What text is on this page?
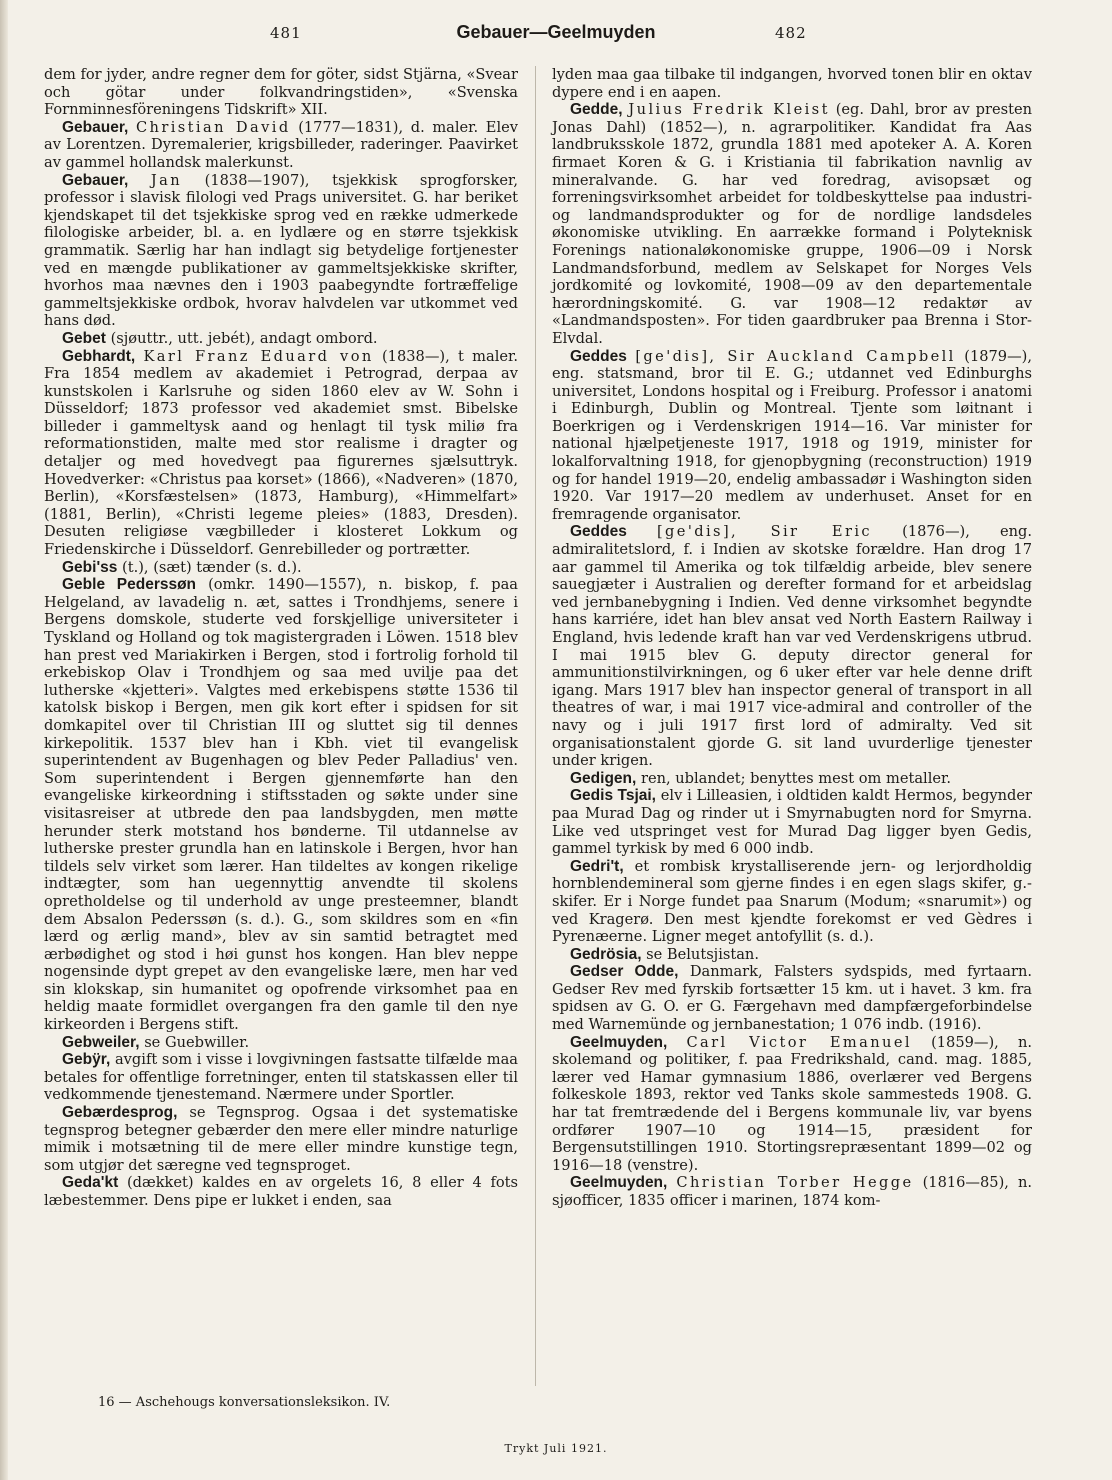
481	Gebauer—Geelmuyden	482

dem for jyder, andre regner dem for göter, sidst Stjärna, «Svear och götar under folkvandringstiden», «Svenska Fornminnesföreningens Tidskrift» XII.

Gebauer, Christian David (1777—1831), d. maler. Elev av Lorentzen. Dyremalerier, krigsbilleder, raderinger. Paavirket av gammel hollandsk malerkunst.

Gebauer, Jan (1838—1907), tsjekkisk sprogforsker, professor i slavisk filologi ved Prags universitet. G. har beriket kjendskapet til det tsjekkiske sprog ved en række udmerkede filologiske arbeider, bl. a. en lydlære og en større tsjekkisk grammatik. Særlig har han indlagt sig betydelige fortjenester ved en mængde publikationer av gammeltsjekkiske skrifter, hvorhos maa nævnes den i 1903 paabegyndte fortræffelige gammeltsjekkiske ordbok, hvorav halvdelen var utkommet ved hans død.

Gebet (sjøuttr., utt. jebét), andagt ombord.

Gebhardt, Karl Franz Eduard von (1838—), t maler. Fra 1854 medlem av akademiet i Petrograd, derpaa av kunstskolen i Karlsruhe og siden 1860 elev av W. Sohn i Düsseldorf; 1873 professor ved akademiet smst. Bibelske billeder i gammeltysk aand og henlagt til tysk miliø fra reformationstiden, malte med stor realisme i dragter og detaljer og med hovedvegt paa figurernes sjælsuttryk. Hovedverker: «Christus paa korset» (1866), «Nadveren» (1870, Berlin), «Korsfæstelsen» (1873, Hamburg), «Himmelfart» (1881, Berlin), «Christi legeme pleies» (1883, Dresden). Desuten religiøse vægbilleder i klosteret Lokkum og Friedenskirche i Düsseldorf. Genrebilleder og portrætter.

Gebi'ss (t.), (sæt) tænder (s. d.).

Geble Pederssøn (omkr. 1490—1557), n. biskop, f. paa Helgeland, av lavadelig n. æt, sattes i Trondhjems, senere i Bergens domskole, studerte ved forskjellige universiteter i Tyskland og Holland og tok magistergraden i Löwen. 1518 blev han prest ved Mariakirken i Bergen, stod i fortrolig forhold til erkebiskop Olav i Trondhjem og saa med uvilje paa det lutherske «kjetteri». Valgtes med erkebispens støtte 1536 til katolsk biskop i Bergen, men gik kort efter i spidsen for sit domkapitel over til Christian III og sluttet sig til dennes kirkepolitik. 1537 blev han i Kbh. viet til evangelisk superintendent av Bugenhagen og blev Peder Palladius' ven. Som superintendent i Bergen gjennemførte han den evangeliske kirkeordning i stiftsstaden og søkte under sine visitasreiser at utbrede den paa landsbygden, men møtte herunder sterk motstand hos bønderne. Til utdannelse av lutherske prester grundla han en latinskole i Bergen, hvor han tildels selv virket som lærer. Han tildeltes av kongen rikelige indtægter, som han uegennyttig anvendte til skolens opretholdelse og til underhold av unge presteemner, blandt dem Absalon Pederssøn (s. d.). G., som skildres som en «fin lærd og ærlig mand», blev av sin samtid betragtet med ærbødighet og stod i høi gunst hos kongen. Han blev neppe nogensinde dypt grepet av den evangeliske lære, men har ved sin klokskap, sin humanitet og opofrende virksomhet paa en heldig maate formidlet overgangen fra den gamle til den nye kirkeorden i Bergens stift.

Gebweiler, se Guebwiller.

Gebÿr, avgift som i visse i lovgivningen fastsatte tilfælde maa betales for offentlige forretninger, enten til statskassen eller til vedkommende tjenestemand. Nærmere under Sportler.

Gebærdesprog, se Tegnsprog. Ogsaa i det systematiske tegnsprog betegner gebærder den mere eller mindre naturlige mimik i motsætning til de mere eller mindre kunstige tegn, som utgjør det særegne ved tegnsproget.

Geda'kt (dækket) kaldes en av orgelets 16, 8 eller 4 fots læbestemmer. Dens pipe er lukket i enden, saa

lyden maa gaa tilbake til indgangen, hvorved tonen blir en oktav dypere end i en aapen.

Gedde, Julius Fredrik Kleist (eg. Dahl, bror av presten Jonas Dahl) (1852—), n. agrarpolitiker. Kandidat fra Aas landbruksskole 1872, grundla 1881 med apoteker A. A. Koren firmaet Koren & G. i Kristiania til fabrikation navnlig av mineralvande. G. har ved foredrag, avisopsæt og forreningsvirksomhet arbeidet for toldbeskyttelse paa industri- og landmandsprodukter og for de nordlige landsdeles økonomiske utvikling. En aarrække formand i Polyteknisk Forenings nationaløkonomiske gruppe, 1906—09 i Norsk Landmandsforbund, medlem av Selskapet for Norges Vels jordkomité og lovkomité, 1908—09 av den departementale hærordningskomité. G. var 1908—12 redaktør av «Landmandsposten». For tiden gaardbruker paa Brenna i Stor-Elvdal.

Geddes [ge'dis], Sir Auckland Campbell (1879—), eng. statsmand, bror til E. G.; utdannet ved Edinburghs universitet, Londons hospital og i Freiburg. Professor i anatomi i Edinburgh, Dublin og Montreal. Tjente som løitnant i Boerkrigen og i Verdenskrigen 1914—16. Var minister for national hjælpetjeneste 1917, 1918 og 1919, minister for lokalforvaltning 1918, for gjenopbygning (reconstruction) 1919 og for handel 1919—20, endelig ambassadør i Washington siden 1920. Var 1917—20 medlem av underhuset. Anset for en fremragende organisator.

Geddes [ge'dis], Sir Eric (1876—), eng. admiralitetslord, f. i Indien av skotske forældre. Han drog 17 aar gammel til Amerika og tok tilfældig arbeide, blev senere sauegjæter i Australien og derefter formand for et arbeidslag ved jernbanebygning i Indien. Ved denne virksomhet begyndte hans karriére, idet han blev ansat ved North Eastern Railway i England, hvis ledende kraft han var ved Verdenskrigens utbrud. I mai 1915 blev G. deputy director general for ammunitionstilvirkningen, og 6 uker efter var hele denne drift igang. Mars 1917 blev han inspector general of transport in all theatres of war, i mai 1917 vice-admiral and controller of the navy og i juli 1917 first lord of admiralty. Ved sit organisationstalent gjorde G. sit land uvurderlige tjenester under krigen.

Gedigen, ren, ublandet; benyttes mest om metaller.

Gedis Tsjai, elv i Lilleasien, i oldtiden kaldt Hermos, begynder paa Murad Dag og rinder ut i Smyrnabugten nord for Smyrna. Like ved utspringet vest for Murad Dag ligger byen Gedis, gammel tyrkisk by med 6 000 indb.

Gedri't, et rombisk krystalliserende jern- og lerjordholdig hornblendemineral som gjerne findes i en egen slags skifer, g.-skifer. Er i Norge fundet paa Snarum (Modum; «snarumit») og ved Kragerø. Den mest kjendte forekomst er ved Gèdres i Pyrenæerne. Ligner meget antofyllit (s. d.).

Gedrösia, se Belutsjistan.

Gedser Odde, Danmark, Falsters sydspids, med fyrtaarn. Gedser Rev med fyrskib fortsætter 15 km. ut i havet. 3 km. fra spidsen av G. O. er G. Færgehavn med dampfærgeforbindelse med Warnemünde og jernbanestation; 1 076 indb. (1916).

Geelmuyden, Carl Victor Emanuel (1859—), n. skolemand og politiker, f. paa Fredrikshald, cand. mag. 1885, lærer ved Hamar gymnasium 1886, overlærer ved Bergens folkeskole 1893, rektor ved Tanks skole sammesteds 1908. G. har tat fremtrædende del i Bergens kommunale liv, var byens ordfører 1907—10 og 1914—15, præsident for Bergensutstillingen 1910. Stortingsrepræsentant 1899—02 og 1916—18 (venstre).

Geelmuyden, Christian Torber Hegge (1816—85), n. sjøofficer, 1835 officer i marinen, 1874 kom-

16 — Aschehougs konversationsleksikon. IV.
Trykt Juli 1921.
